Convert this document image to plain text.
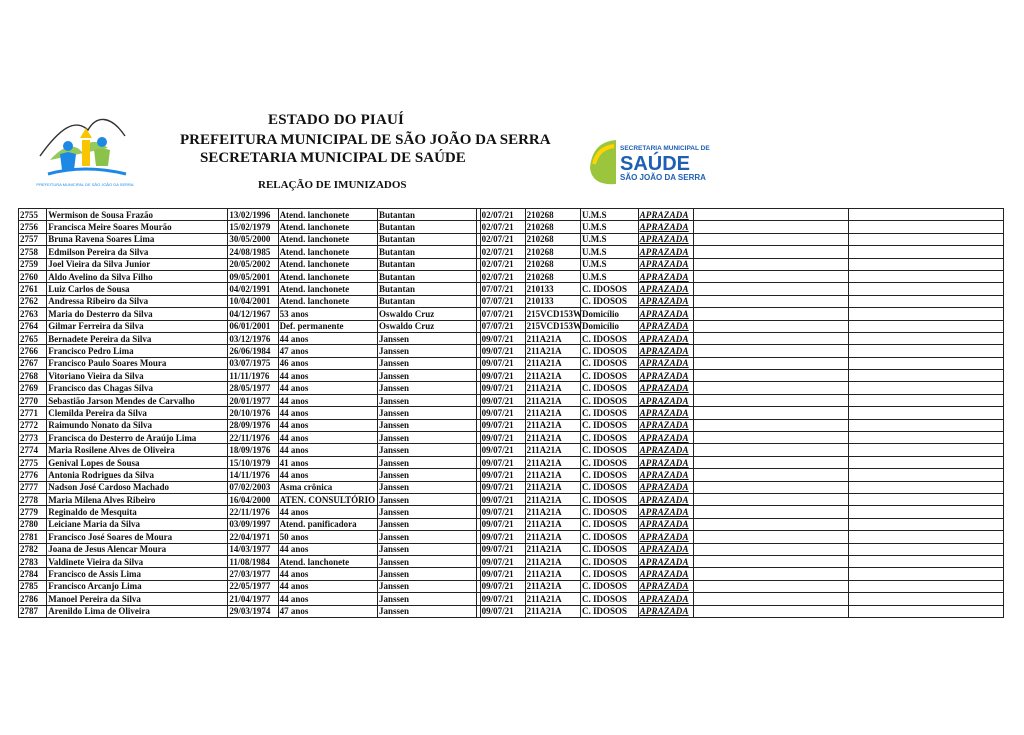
PREFEITURA MUNICIPAL DE SÃO JOÃO DA SERRA
ESTADO DO PIAUÍ
PREFEITURA MUNICIPAL DE SÃO JOÃO DA SERRA
SECRETARIA MUNICIPAL DE SAÚDE
RELAÇÃO DE IMUNIZADOS
SECRETARIA MUNICIPAL DE
SAÚDE
SÃO JOÃO DA SERRA
2755	Wermison de Sousa Frazão	13/02/1996	Atend. lanchonete	Butantan		02/07/21	210268	U.M.S	APRAZADA		
2756	Francisca Meire Soares Mourão	15/02/1979	Atend. lanchonete	Butantan		02/07/21	210268	U.M.S	APRAZADA		
2757	Bruna Ravena Soares Lima	30/05/2000	Atend. lanchonete	Butantan		02/07/21	210268	U.M.S	APRAZADA		
2758	Edmilson Pereira da Silva	24/08/1985	Atend. lanchonete	Butantan		02/07/21	210268	U.M.S	APRAZADA		
2759	Joel Vieira da Silva Junior	20/05/2002	Atend. lanchonete	Butantan		02/07/21	210268	U.M.S	APRAZADA		
2760	Aldo Avelino da Silva Filho	09/05/2001	Atend. lanchonete	Butantan		02/07/21	210268	U.M.S	APRAZADA		
2761	Luiz Carlos de Sousa	04/02/1991	Atend. lanchonete	Butantan		07/07/21	210133	C. IDOSOS	APRAZADA		
2762	Andressa Ribeiro da Silva	10/04/2001	Atend. lanchonete	Butantan		07/07/21	210133	C. IDOSOS	APRAZADA		
2763	Maria do Desterro da Silva	04/12/1967	53 anos	Oswaldo Cruz		07/07/21	215VCD153W	Domicílio	APRAZADA		
2764	Gilmar Ferreira da Silva	06/01/2001	Def. permanente	Oswaldo Cruz		07/07/21	215VCD153W	Domicílio	APRAZADA		
2765	Bernadete Pereira da Silva	03/12/1976	44 anos	Janssen		09/07/21	211A21A	C. IDOSOS	APRAZADA		
2766	Francisco Pedro Lima	26/06/1984	47 anos	Janssen		09/07/21	211A21A	C. IDOSOS	APRAZADA		
2767	Francisco Paulo Soares Moura	03/07/1975	46 anos	Janssen		09/07/21	211A21A	C. IDOSOS	APRAZADA		
2768	Vitoriano Vieira da Silva	11/11/1976	44 anos	Janssen		09/07/21	211A21A	C. IDOSOS	APRAZADA		
2769	Francisco das Chagas Silva	28/05/1977	44 anos	Janssen		09/07/21	211A21A	C. IDOSOS	APRAZADA		
2770	Sebastião Jarson Mendes de Carvalho	20/01/1977	44 anos	Janssen		09/07/21	211A21A	C. IDOSOS	APRAZADA		
2771	Clemilda Pereira da Silva	20/10/1976	44 anos	Janssen		09/07/21	211A21A	C. IDOSOS	APRAZADA		
2772	Raimundo Nonato da Silva	28/09/1976	44 anos	Janssen		09/07/21	211A21A	C. IDOSOS	APRAZADA		
2773	Francisca do Desterro de Araújo Lima	22/11/1976	44 anos	Janssen		09/07/21	211A21A	C. IDOSOS	APRAZADA		
2774	Maria Rosilene Alves de Oliveira	18/09/1976	44 anos	Janssen		09/07/21	211A21A	C. IDOSOS	APRAZADA		
2775	Genival Lopes de Sousa	15/10/1979	41 anos	Janssen		09/07/21	211A21A	C. IDOSOS	APRAZADA		
2776	Antonia Rodrigues da Silva	14/11/1976	44 anos	Janssen		09/07/21	211A21A	C. IDOSOS	APRAZADA		
2777	Nadson José Cardoso Machado	07/02/2003	Asma crônica	Janssen		09/07/21	211A21A	C. IDOSOS	APRAZADA		
2778	Maria Milena Alves Ribeiro	16/04/2000	ATEN. CONSULTÓRIO	Janssen		09/07/21	211A21A	C. IDOSOS	APRAZADA		
2779	Reginaldo de Mesquita	22/11/1976	44 anos	Janssen		09/07/21	211A21A	C. IDOSOS	APRAZADA		
2780	Leiciane Maria da Silva	03/09/1997	Atend. panificadora	Janssen		09/07/21	211A21A	C. IDOSOS	APRAZADA		
2781	Francisco José Soares de Moura	22/04/1971	50 anos	Janssen		09/07/21	211A21A	C. IDOSOS	APRAZADA		
2782	Joana de Jesus Alencar Moura	14/03/1977	44 anos	Janssen		09/07/21	211A21A	C. IDOSOS	APRAZADA		
2783	Valdinete Vieira da Silva	11/08/1984	Atend. lanchonete	Janssen		09/07/21	211A21A	C. IDOSOS	APRAZADA		
2784	Francisco de Assis Lima	27/03/1977	44 anos	Janssen		09/07/21	211A21A	C. IDOSOS	APRAZADA		
2785	Francisco Arcanjo Lima	22/05/1977	44 anos	Janssen		09/07/21	211A21A	C. IDOSOS	APRAZADA		
2786	Manoel Pereira da Silva	21/04/1977	44 anos	Janssen		09/07/21	211A21A	C. IDOSOS	APRAZADA		
2787	Arenildo Lima de Oliveira	29/03/1974	47 anos	Janssen		09/07/21	211A21A	C. IDOSOS	APRAZADA		
